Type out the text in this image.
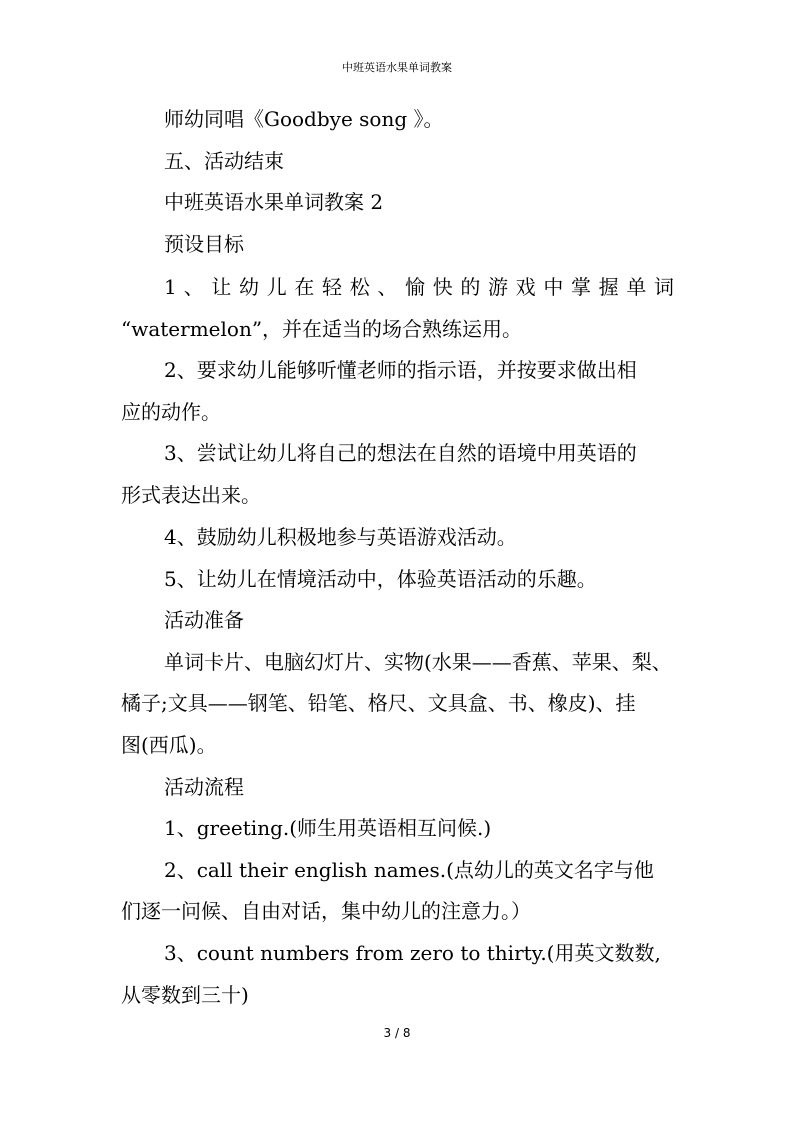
中班英语水果单词教案
师幼同唱《Goodbye song 》。
五、活动结束
中班英语水果单词教案 2
预设目标
1 、 让 幼 儿 在 轻 松 、 愉 快 的 游 戏 中 掌 握 单 词
“watermelon”，并在适当的场合熟练运用。
2、要求幼儿能够听懂老师的指示语，并按要求做出相
应的动作。
3、尝试让幼儿将自己的想法在自然的语境中用英语的
形式表达出来。
4、鼓励幼儿积极地参与英语游戏活动。
5、让幼儿在情境活动中，体验英语活动的乐趣。
活动准备
单词卡片、电脑幻灯片、实物(水果——香蕉、苹果、梨、
橘子;文具——钢笔、铅笔、格尺、文具盒、书、橡皮)、挂
图(西瓜)。
活动流程
1、greeting.(师生用英语相互问候.)
2、call their english names.(点幼儿的英文名字与他
们逐一问候、自由对话，集中幼儿的注意力。）
3、count numbers from zero to thirty.(用英文数数,
从零数到三十)
3 / 8
